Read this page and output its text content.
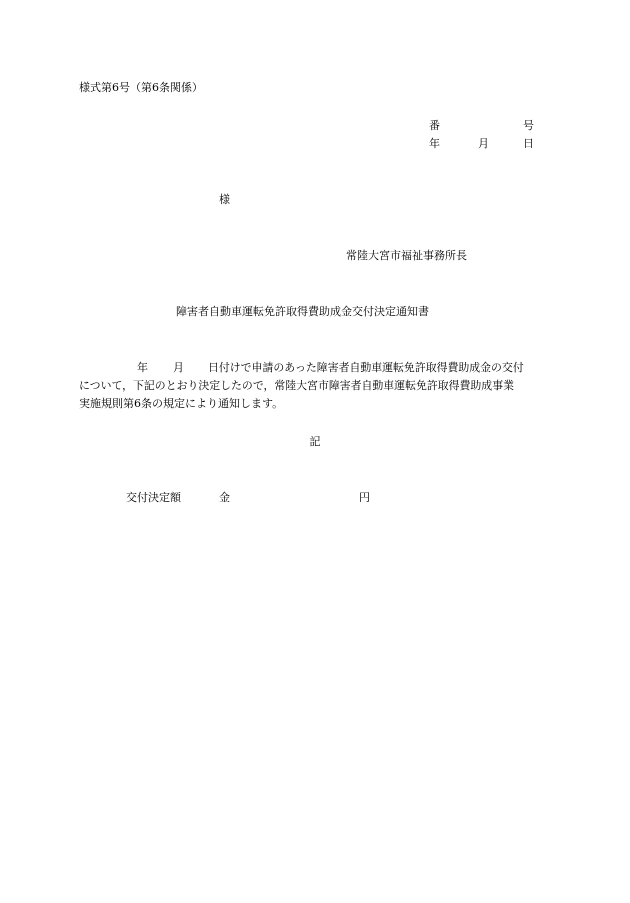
様式第6号（第6条関係）
番	号
年	月	日
様
常陸大宮市福祉事務所長
障害者自動車運転免許取得費助成金交付決定通知書
年 月 日付けで申請のあった障害者自動車運転免許取得費助成金の交付
について，下記のとおり決定したので，常陸大宮市障害者自動車運転免許取得費助成事業
実施規則第6条の規定により通知します。
記
交付決定額	金	円
